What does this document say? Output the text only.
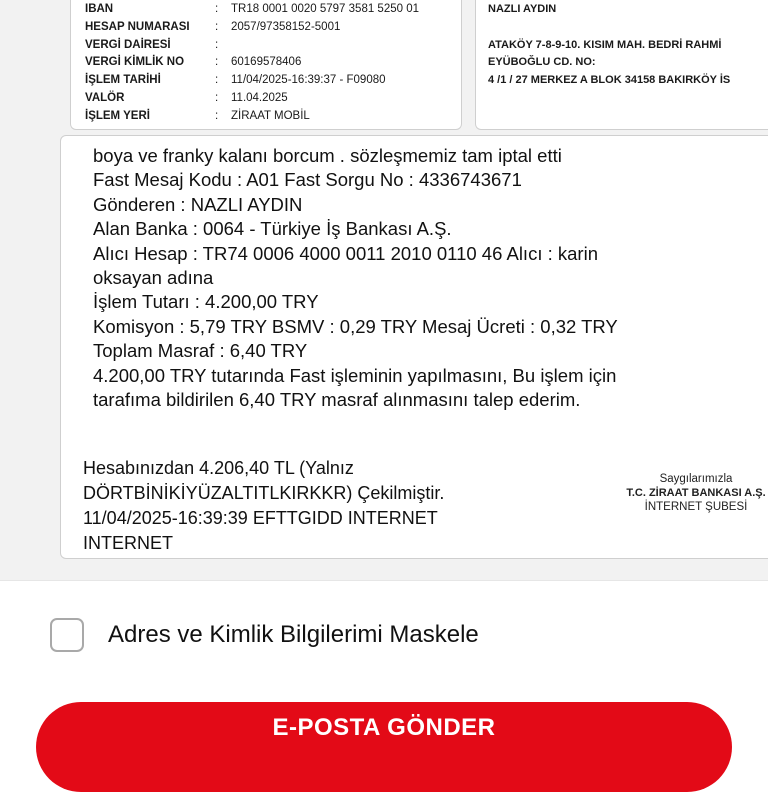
IBAN	: TR18 0001 0020 5797 3581 5250 01
HESAP NUMARASI : 2057/97358152-5001
VERGİ DAİRESİ	:
VERGİ KİMLİK NO	: 60169578406
İŞLEM TARİHİ	: 11/04/2025-16:39:37 - F09080
VALÖR	: 11.04.2025
İŞLEM YERİ	: ZİRAAT MOBİL
NAZLI AYDIN
ATAKÖY 7-8-9-10. KISIM MAH. BEDRİ RAHMİ
EYÜBOĞLU CD. NO:
4 /1 / 27 MERKEZ A BLOK 34158 BAKIRKÖY İS
boya ve franky kalanı borcum . sözleşmemiz tam iptal etti
Fast Mesaj Kodu : A01 Fast Sorgu No : 4336743671
Gönderen : NAZLI AYDIN
Alan Banka : 0064 - Türkiye İş Bankası A.Ş.
Alıcı Hesap : TR74 0006 4000 0011 2010 0110 46 Alıcı : karin
oksayan adına
İşlem Tutarı : 4.200,00 TRY
Komisyon : 5,79 TRY BSMV : 0,29 TRY Mesaj Ücreti : 0,32 TRY
Toplam Masraf : 6,40 TRY
4.200,00 TRY tutarında Fast işleminin yapılmasını, Bu işlem için
tarafıma bildirilen 6,40 TRY masraf alınmasını talep ederim.
Hesabınızdan 4.206,40 TL (Yalnız
DÖRTBİNİKİYÜZALTITLKIRKKR) Çekilmiştir.
11/04/2025-16:39:39 EFTTGIDD INTERNET
INTERNET
Saygılarımızla
T.C. ZİRAAT BANKASI A.Ş.
İNTERNET ŞUBESİ
Adres ve Kimlik Bilgilerimi Maskele
E-POSTA GÖNDER
